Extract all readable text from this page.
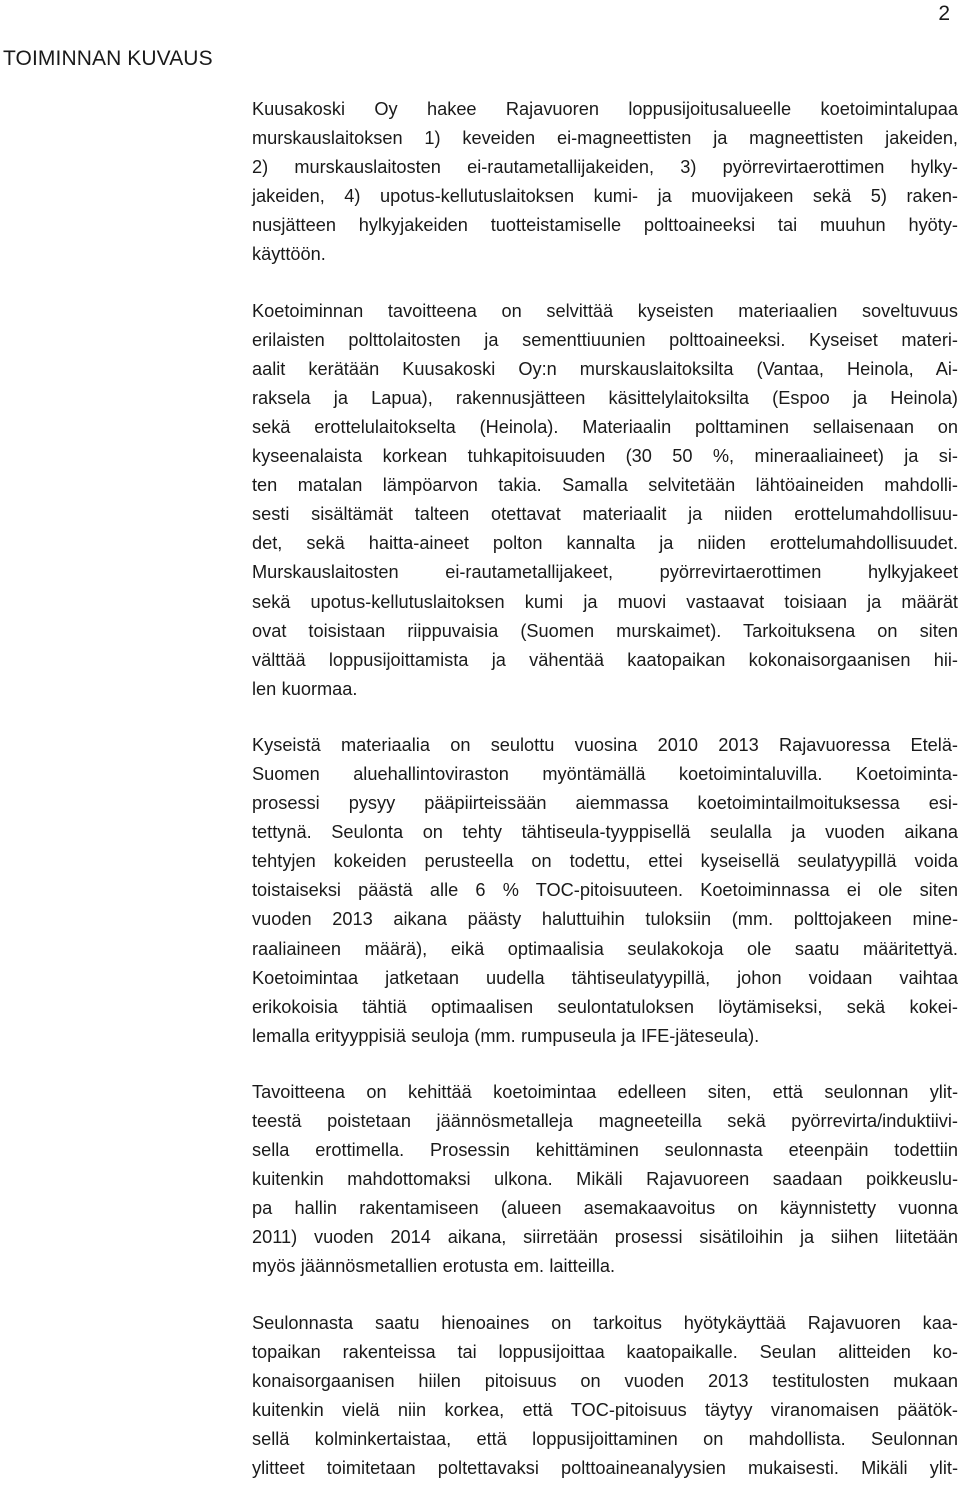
2
TOIMINNAN KUVAUS

Kuusakoski Oy hakee Rajavuoren loppusijoitusalueelle koetoimintalupaa
murskauslaitoksen 1) keveiden ei-magneettisten ja magneettisten jakeiden,
2) murskauslaitosten ei-rautametallijakeiden, 3) pyörrevirtaerottimen hylky-
jakeiden, 4) upotus-kellutuslaitoksen kumi- ja muovijakeen sekä 5) raken-
nusjätteen hylkyjakeiden tuotteistamiselle polttoaineeksi tai muuhun hyöty-
käyttöön.

Koetoiminnan tavoitteena on selvittää kyseisten materiaalien soveltuvuus
erilaisten polttolaitosten ja sementtiuunien polttoaineeksi. Kyseiset materi-
aalit kerätään Kuusakoski Oy:n murskauslaitoksilta (Vantaa, Heinola, Ai-
raksela ja Lapua), rakennusjätteen käsittelylaitoksilta (Espoo ja Heinola)
sekä erottelulaitokselta (Heinola). Materiaalin polttaminen sellaisenaan on
kyseenalaista korkean tuhkapitoisuuden (30 50 %, mineraaliaineet) ja si-
ten matalan lämpöarvon takia. Samalla selvitetään lähtöaineiden mahdolli-
sesti sisältämät talteen otettavat materiaalit ja niiden erottelumahdollisuu-
det, sekä haitta-aineet polton kannalta ja niiden erottelumahdollisuudet.
Murskauslaitosten ei-rautametallijakeet, pyörrevirtaerottimen hylkyjakeet
sekä upotus-kellutuslaitoksen kumi ja muovi vastaavat toisiaan ja määrät
ovat toisistaan riippuvaisia (Suomen murskaimet). Tarkoituksena on siten
välttää loppusijoittamista ja vähentää kaatopaikan kokonaisorgaanisen hii-
len kuormaa.

Kyseistä materiaalia on seulottu vuosina 2010 2013 Rajavuoressa Etelä-
Suomen aluehallintoviraston myöntämällä koetoimintaluvilla. Koetoiminta-
prosessi pysyy pääpiirteissään aiemmassa koetoimintailmoituksessa esi-
tettynä. Seulonta on tehty tähtiseula-tyyppisellä seulalla ja vuoden aikana
tehtyjen kokeiden perusteella on todettu, ettei kyseisellä seulatyypillä voida
toistaiseksi päästä alle 6 % TOC-pitoisuuteen. Koetoiminnassa ei ole siten
vuoden 2013 aikana päästy haluttuihin tuloksiin (mm. polttojakeen mine-
raaliaineen määrä), eikä optimaalisia seulakokoja ole saatu määritettyä.
Koetoimintaa jatketaan uudella tähtiseulatyypillä, johon voidaan vaihtaa
erikokoisia tähtiä optimaalisen seulontatuloksen löytämiseksi, sekä kokei-
lemalla erityyppisiä seuloja (mm. rumpuseula ja IFE-jäteseula).

Tavoitteena on kehittää koetoimintaa edelleen siten, että seulonnan ylit-
teestä poistetaan jäännösmetalleja magneeteilla sekä pyörrevirta/induktiivi-
sella erottimella. Prosessin kehittäminen seulonnasta eteenpäin todettiin
kuitenkin mahdottomaksi ulkona. Mikäli Rajavuoreen saadaan poikkeuslu-
pa hallin rakentamiseen (alueen asemakaavoitus on käynnistetty vuonna
2011) vuoden 2014 aikana, siirretään prosessi sisätiloihin ja siihen liitetään
myös jäännösmetallien erotusta em. laitteilla.

Seulonnasta saatu hienoaines on tarkoitus hyötykäyttää Rajavuoren kaa-
topaikan rakenteissa tai loppusijoittaa kaatopaikalle. Seulan alitteiden ko-
konaisorgaanisen hiilen pitoisuus on vuoden 2013 testitulosten mukaan
kuitenkin vielä niin korkea, että TOC-pitoisuus täytyy viranomaisen päätök-
sellä kolminkertaistaa, että loppusijoittaminen on mahdollista. Seulonnan
ylitteet toimitetaan poltettavaksi polttoaineanalyysien mukaisesti. Mikäli ylit-
